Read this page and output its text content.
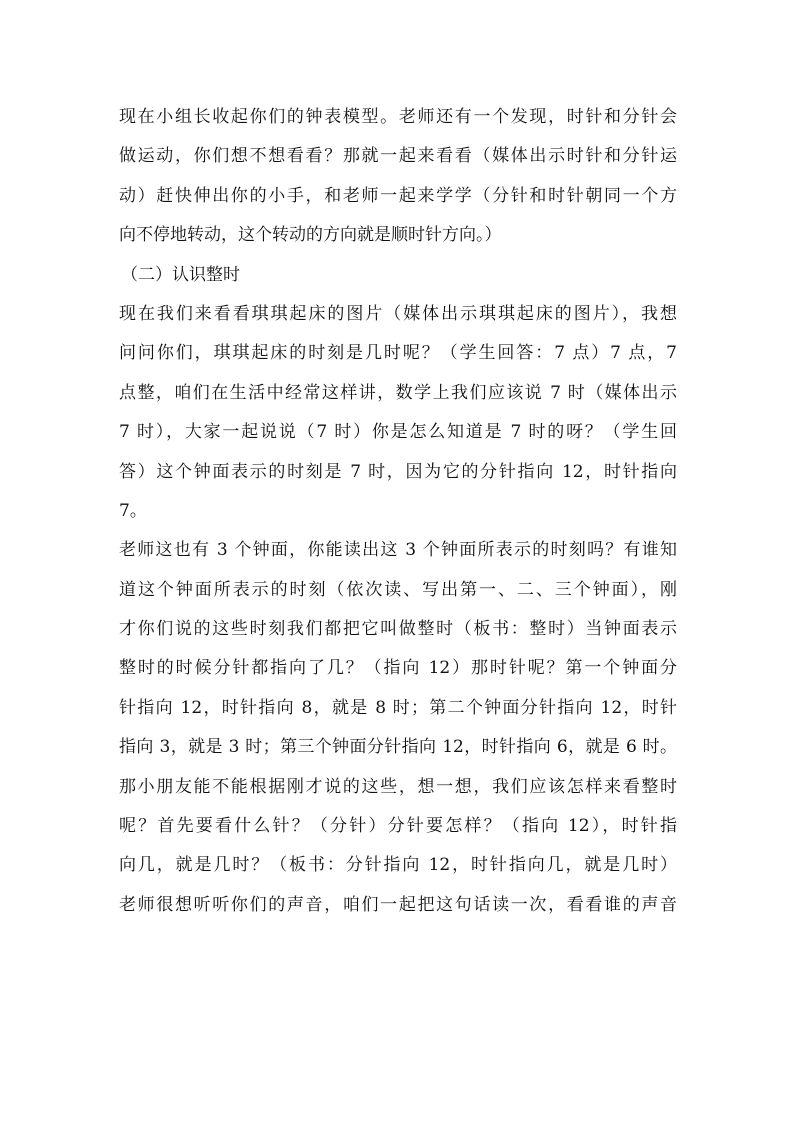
现在小组长收起你们的钟表模型。老师还有一个发现，时针和分针会
做运动，你们想不想看看？那就一起来看看（媒体出示时针和分针运
动）赶快伸出你的小手，和老师一起来学学（分针和时针朝同一个方
向不停地转动，这个转动的方向就是顺时针方向。）
（二）认识整时
现在我们来看看琪琪起床的图片（媒体出示琪琪起床的图片），我想
问问你们，琪琪起床的时刻是几时呢？（学生回答：7 点）7 点，7
点整，咱们在生活中经常这样讲，数学上我们应该说 7 时（媒体出示
7 时），大家一起说说（7 时）你是怎么知道是 7 时的呀？（学生回
答）这个钟面表示的时刻是 7 时，因为它的分针指向 12，时针指向
7。
老师这也有 3 个钟面，你能读出这 3 个钟面所表示的时刻吗？有谁知
道这个钟面所表示的时刻（依次读、写出第一、二、三个钟面），刚
才你们说的这些时刻我们都把它叫做整时（板书：整时）当钟面表示
整时的时候分针都指向了几？（指向 12）那时针呢？第一个钟面分
针指向 12，时针指向 8，就是 8 时；第二个钟面分针指向 12，时针
指向 3，就是 3 时；第三个钟面分针指向 12，时针指向 6，就是 6 时。
那小朋友能不能根据刚才说的这些，想一想，我们应该怎样来看整时
呢？首先要看什么针？（分针）分针要怎样？（指向 12），时针指
向几，就是几时？（板书：分针指向 12，时针指向几，就是几时）
老师很想听听你们的声音，咱们一起把这句话读一次，看看谁的声音
